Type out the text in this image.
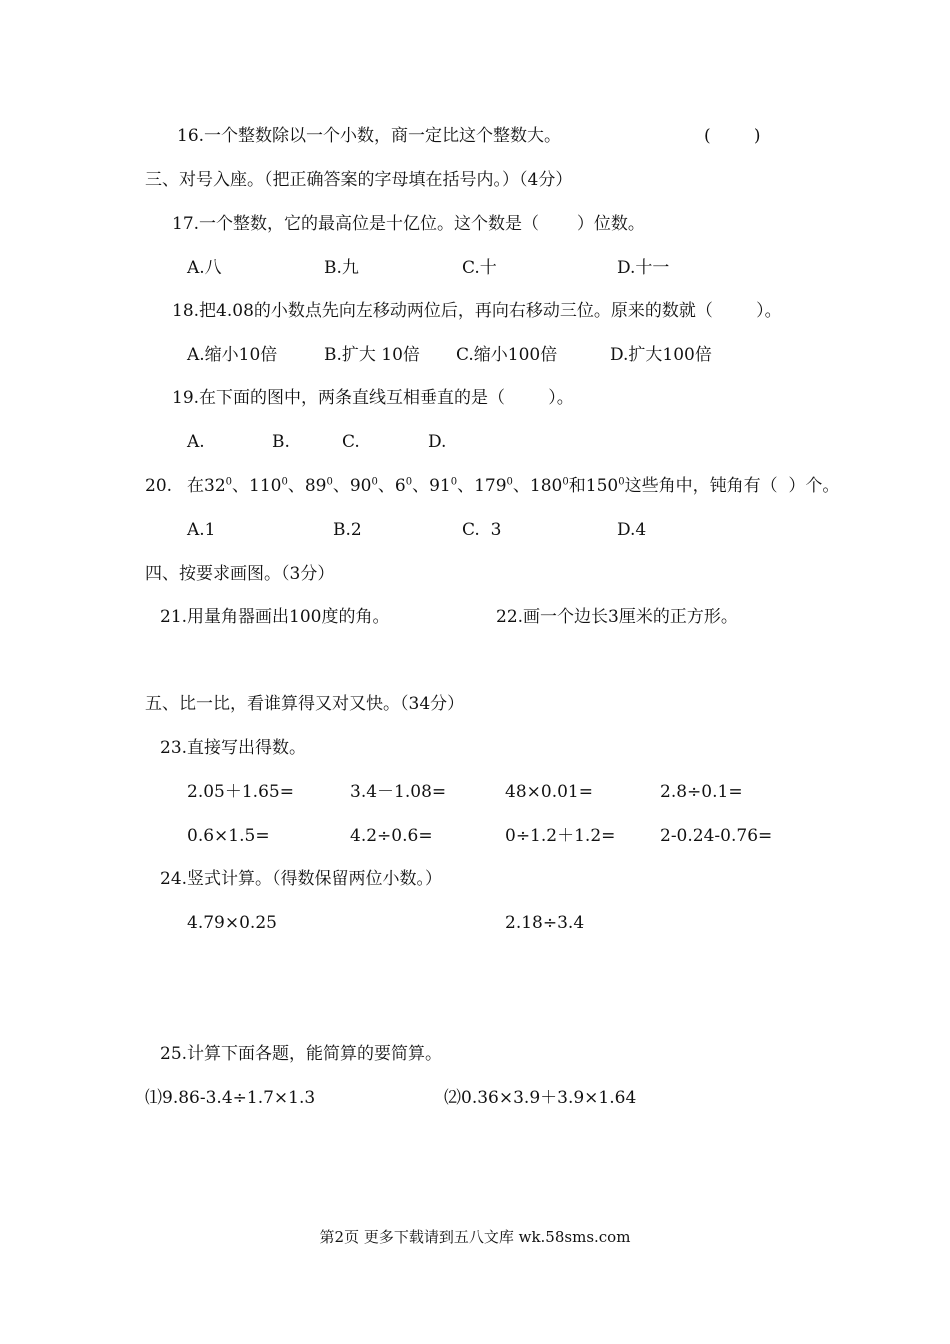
16.一个整数除以一个小数，商一定比这个整数大。	(        )
三、对号入座。（把正确答案的字母填在括号内。）（4分）
17.一个整数，它的最高位是十亿位。这个数是（       ）位数。
A.八	B.九	C.十	D.十一
18.把4.08的小数点先向左移动两位后，再向右移动三位。原来的数就（        ）。
A.缩小10倍	B.扩大 10倍 C.缩小100倍	D.扩大100倍
19.在下面的图中，两条直线互相垂直的是（        ）。
A.	B.	C.	D.
20. 在$32^0$、$110^0$、$89^0$、$90^0$、$6^0$、$91^0$、$179^0$、$180^0$和$150^0$这些角中，钝角有（  ）个。
A.1	B.2	C.  3	D.4
四、按要求画图。（3分）
21.用量角器画出100度的角。	22.画一个边长3厘米的正方形。
五、比一比，看谁算得又对又快。（34分）
23.直接写出得数。
2.05＋1.65=	3.4－1.08=	48×0.01=	2.8÷0.1=
0.6×1.5=	4.2÷0.6=	0÷1.2＋1.2=	2-0.24-0.76=
24.竖式计算。（得数保留两位小数。）
4.79×0.25	2.18÷3.4
25.计算下面各题，能简算的要简算。
⑴9.86-3.4÷1.7×1.3	⑵0.36×3.9＋3.9×1.64
第2页 更多下载请到五八文库 wk.58sms.com
